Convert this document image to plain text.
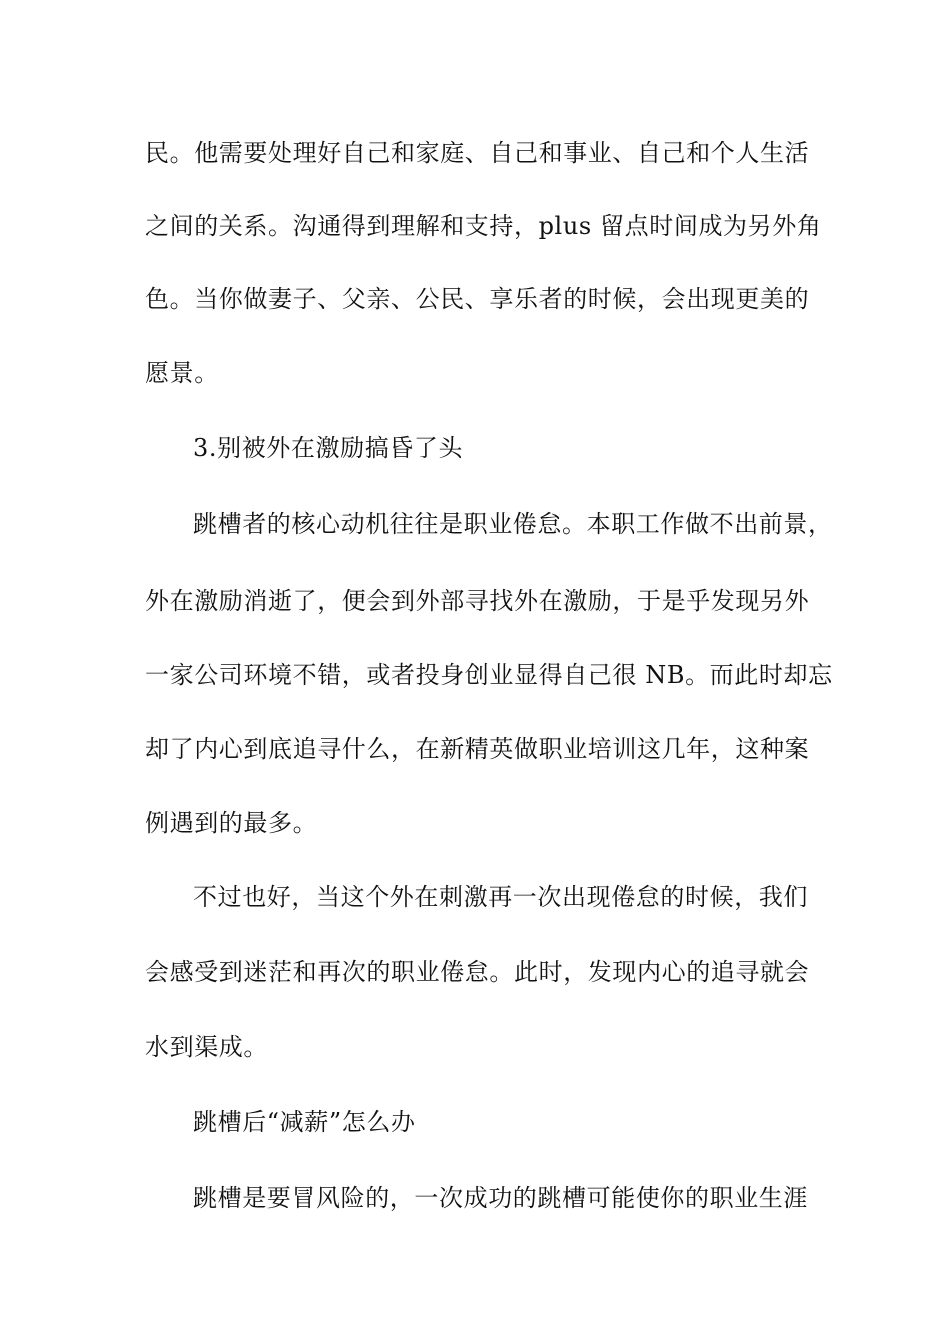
民。他需要处理好自己和家庭、自己和事业、自己和个人生活
之间的关系。沟通得到理解和支持，plus 留点时间成为另外角
色。当你做妻子、父亲、公民、享乐者的时候，会出现更美的
愿景。
3.别被外在激励搞昏了头
跳槽者的核心动机往往是职业倦怠。本职工作做不出前景，
外在激励消逝了，便会到外部寻找外在激励，于是乎发现另外
一家公司环境不错，或者投身创业显得自己很 NB。而此时却忘
却了内心到底追寻什么，在新精英做职业培训这几年，这种案
例遇到的最多。
不过也好，当这个外在刺激再一次出现倦怠的时候，我们
会感受到迷茫和再次的职业倦怠。此时，发现内心的追寻就会
水到渠成。
跳槽后“减薪”怎么办
跳槽是要冒风险的，一次成功的跳槽可能使你的职业生涯
